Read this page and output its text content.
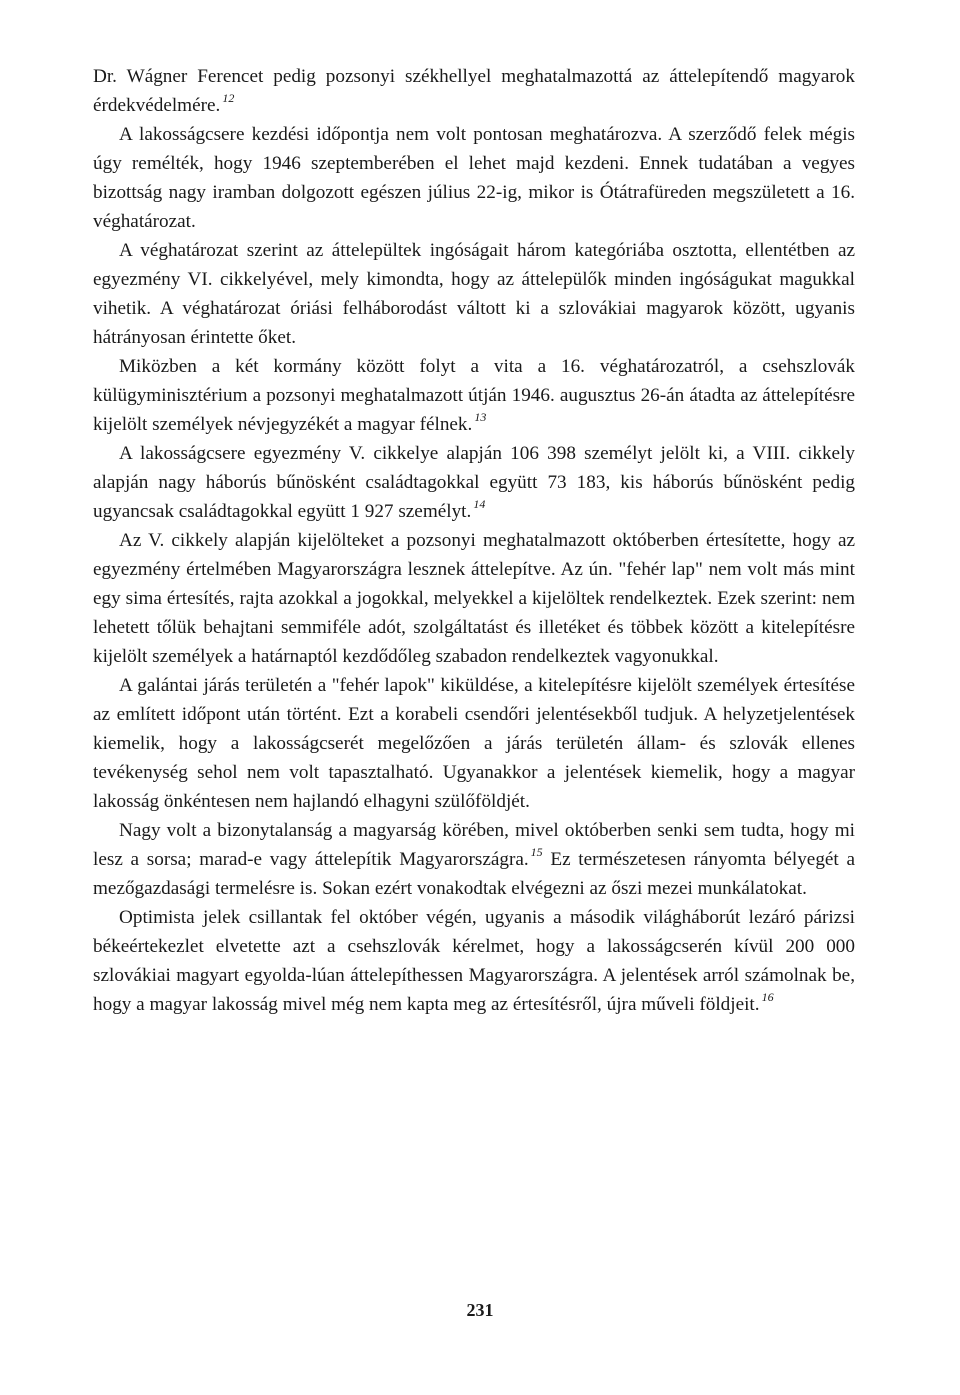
Dr. Wágner Ferencet pedig pozsonyi székhellyel meghatalmazottá az áttelepítendő magyarok érdekvédelmére. $^{12}$

A lakosságcsere kezdési időpontja nem volt pontosan meghatározva. A szerződő felek mégis úgy remélték, hogy 1946 szeptemberében el lehet majd kezdeni. Ennek tudatában a vegyes bizottság nagy iramban dolgozott egészen július 22-ig, mikor is Ótátrafüreden megszületett a 16. véghatározat.

A véghatározat szerint az áttelepültek ingóságait három kategóriába osztotta, ellentétben az egyezmény VI. cikkelyével, mely kimondta, hogy az áttelepülők minden ingóságukat magukkal vihetik. A véghatározat óriási felháborodást váltott ki a szlovákiai magyarok között, ugyanis hátrányosan érintette őket.

Miközben a két kormány között folyt a vita a 16. véghatározatról, a csehszlovák külügyminisztérium a pozsonyi meghatalmazott útján 1946. augusztus 26-án átadta az áttelepítésre kijelölt személyek névjegyzékét a magyar félnek. $^{13}$

A lakosságcsere egyezmény V. cikkelye alapján 106 398 személyt jelölt ki, a VIII. cikkely alapján nagy háborús bűnösként családtagokkal együtt 73 183, kis háborús bűnösként pedig ugyancsak családtagokkal együtt 1 927 személyt. $^{14}$

Az V. cikkely alapján kijelölteket a pozsonyi meghatalmazott októberben értesítette, hogy az egyezmény értelmében Magyarországra lesznek áttelepítve. Az ún. "fehér lap" nem volt más mint egy sima értesítés, rajta azokkal a jogokkal, melyekkel a kijelöltek rendelkeztek. Ezek szerint: nem lehetett tőlük behajtani semmiféle adót, szolgáltatást és illetéket és többek között a kitelepítésre kijelölt személyek a határnaptól kezdődőleg szabadon rendelkeztek vagyonukkal.

A galántai járás területén a "fehér lapok" kiküldése, a kitelepítésre kijelölt személyek értesítése az említett időpont után történt. Ezt a korabeli csendőri jelentésekből tudjuk. A helyzetjelentések kiemelik, hogy a lakosságcserét megelőzően a járás területén állam- és szlovák ellenes tevékenység sehol nem volt tapasztalható. Ugyanakkor a jelentések kiemelik, hogy a magyar lakosság önkéntesen nem hajlandó elhagyni szülőföldjét.

Nagy volt a bizonytalanság a magyarság körében, mivel októberben senki sem tudta, hogy mi lesz a sorsa; marad-e vagy áttelepítik Magyarországra. $^{15}$ Ez természetesen rányomta bélyegét a mezőgazdasági termelésre is. Sokan ezért vonakodtak elvégezni az őszi mezei munkálatokat.

Optimista jelek csillantak fel október végén, ugyanis a második világháborút lezáró párizsi békeértekezlet elvetette azt a csehszlovák kérelmet, hogy a lakosságcserén kívül 200 000 szlovákiai magyart egyolda-lúan áttelepíthessen Magyarországra. A jelentések arról számolnak be, hogy a magyar lakosság mivel még nem kapta meg az értesítésről, újra műveli földjeit. $^{16}$

231
